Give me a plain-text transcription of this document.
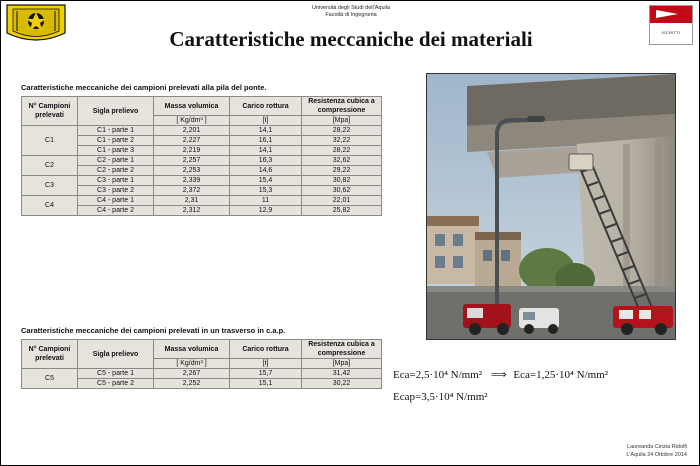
Università degli Studi dell'Aquila
Facoltà di Ingegneria
ISCRITTI
Caratteristiche meccaniche dei materiali
Caratteristiche meccaniche dei campioni prelevati alla pila del ponte.
N° Campioni prelevati	Sigla prelievo	Massa volumica	Carico rottura	Resistenza cubica a compressione
		[ Kg/dm³ ]	[t]	[Mpa]
C1	C1 - parte 1	2,201	14,1	28,22
	C1 - parte 2	2,227	16,1	32,22
	C1 - parte 3	2,219	14,1	28,22
C2	C2 - parte 1	2,257	16,3	32,62
	C2 - parte 2	2,253	14,6	29,22
C3	C3 - parte 1	2,339	15,4	30,82
	C3 - parte 2	2,372	15,3	30,62
C4	C4 - parte 1	2,31	11	22,01
	C4 - parte 2	2,312	12,9	25,82
Caratteristiche meccaniche dei campioni prelevati in un trasverso in c.a.p.
N° Campioni prelevati	Sigla prelievo	Massa volumica	Carico rottura	Resistenza cubica a compressione
		[ Kg/dm³ ]	[t]	[Mpa]
C5	C5 - parte 1	2,267	15,7	31,42
	C5 - parte 2	2,252	15,1	30,22
Eca=2,5·10⁴ N/mm² ⟹ Eca=1,25·10⁴ N/mm²
Ecap=3,5·10⁴ N/mm²
Laureanda Cinzia Ridolfi
L'Aquila 24 Ottobre 2014
